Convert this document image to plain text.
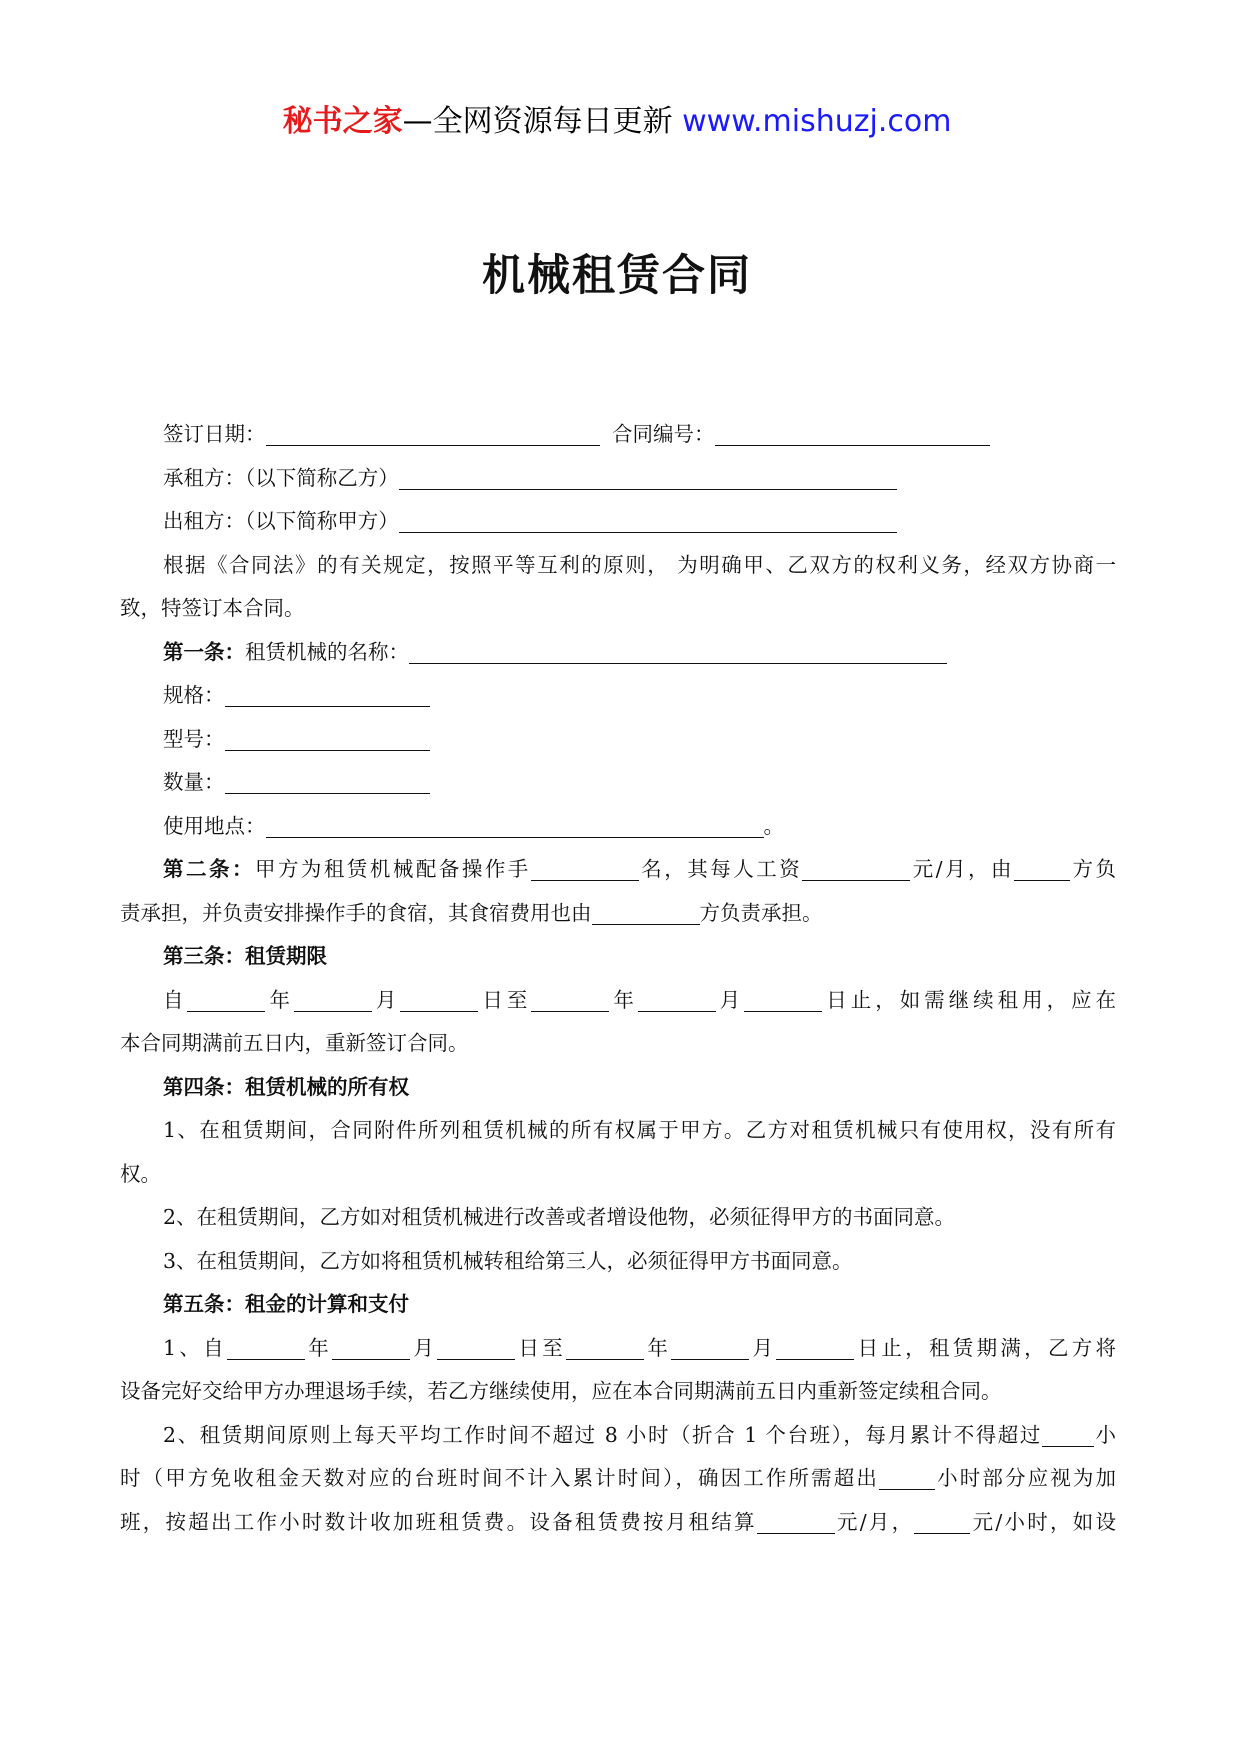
秘书之家—全网资源每日更新 www.mishuzj.com
机械租赁合同
签订日期：	合同编号：
承租方：（以下简称乙方）
出租方：（以下简称甲方）
根据《合同法》的有关规定，按照平等互利的原则， 为明确甲、乙双方的权利义务，经双方协商一
致，特签订本合同。
第一条：租赁机械的名称：
规格：
型号：
数量：
使用地点：	。
第二条：甲方为租赁机械配备操作手	名，其每人工资	元/月，由	方负
责承担，并负责安排操作手的食宿，其食宿费用也由	方负责承担。
第三条：租赁期限
自	年	月	日至	年	月	日止，如需继续租用，应在
本合同期满前五日内，重新签订合同。
第四条：租赁机械的所有权
1、在租赁期间，合同附件所列租赁机械的所有权属于甲方。乙方对租赁机械只有使用权，没有所有
权。
2、在租赁期间，乙方如对租赁机械进行改善或者增设他物，必须征得甲方的书面同意。
3、在租赁期间，乙方如将租赁机械转租给第三人，必须征得甲方书面同意。
第五条：租金的计算和支付
1、自	年	月	日至	年	月	日止，租赁期满，乙方将
设备完好交给甲方办理退场手续，若乙方继续使用，应在本合同期满前五日内重新签定续租合同。
2、租赁期间原则上每天平均工作时间不超过 8 小时（折合 1 个台班），每月累计不得超过	小
时（甲方免收租金天数对应的台班时间不计入累计时间），确因工作所需超出	小时部分应视为加
班，按超出工作小时数计收加班租赁费。设备租赁费按月租结算	元/月，	元/小时，如设
